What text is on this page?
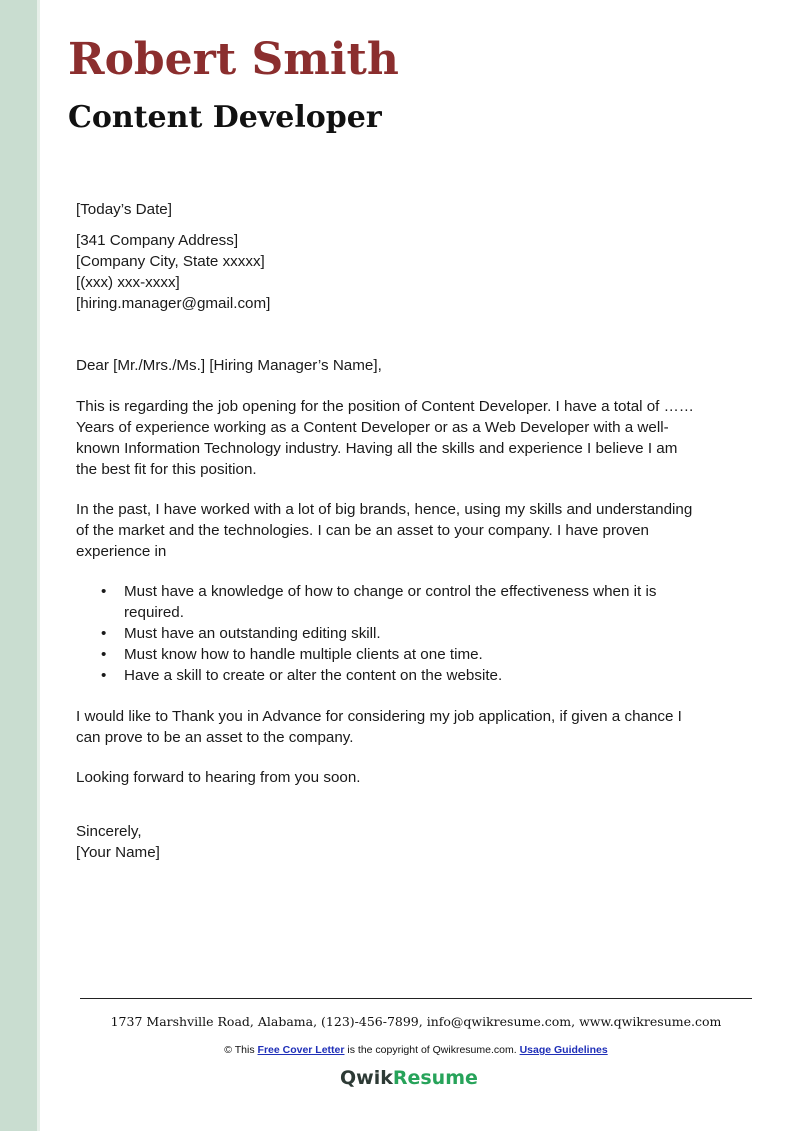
Robert Smith
Content Developer

[Today’s Date]

[341 Company Address]

[Company City, State xxxxx]

[(xxx) xxx-xxxx]

[hiring.manager@gmail.com]

Dear [Mr./Mrs./Ms.] [Hiring Manager’s Name],

This is regarding the job opening for the position of Content Developer. I have a total of ……

Years of experience working as a Content Developer or as a Web Developer with a well-

known Information Technology industry. Having all the skills and experience I believe I am

the best fit for this position.

In the past, I have worked with a lot of big brands, hence, using my skills and understanding

of the market and the technologies. I can be an asset to your company. I have proven

experience in

• Must have a knowledge of how to change or control the effectiveness when it is

required.

• Must have an outstanding editing skill.

• Must know how to handle multiple clients at one time.

• Have a skill to create or alter the content on the website.

I would like to Thank you in Advance for considering my job application, if given a chance I

can prove to be an asset to the company.

Looking forward to hearing from you soon.

Sincerely,

[Your Name]

1737 Marshville Road, Alabama, (123)-456-7899, info@qwikresume.com, www.qwikresume.com
© This Free Cover Letter is the copyright of Qwikresume.com. Usage Guidelines
QwikResume
